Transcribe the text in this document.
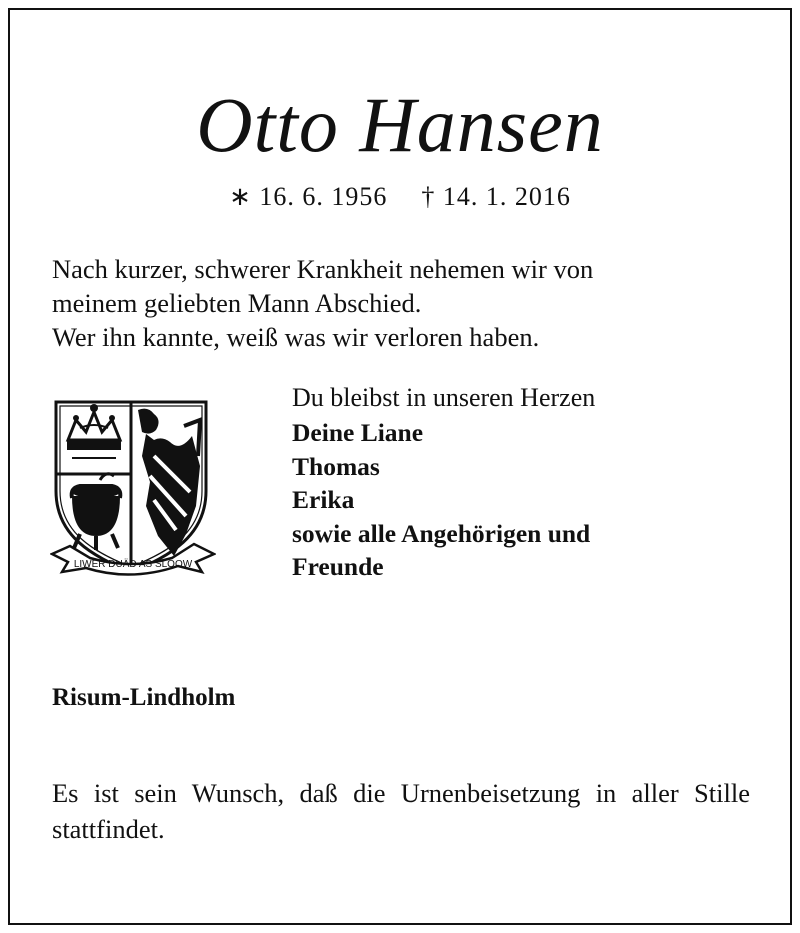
Otto Hansen
∗ 16. 6. 1956 † 14. 1. 2016
Nach kurzer, schwerer Krankheit nehemen wir von
meinem geliebten Mann Abschied.
Wer ihn kannte, weiß was wir verloren haben.
LIWER DUÄD AS SLOOW
Du bleibst in unseren Herzen
Deine Liane
Thomas
Erika
sowie alle Angehörigen und
Freunde
Risum-Lindholm
Es ist sein Wunsch, daß die Urnenbeisetzung in aller Stille stattfindet.
